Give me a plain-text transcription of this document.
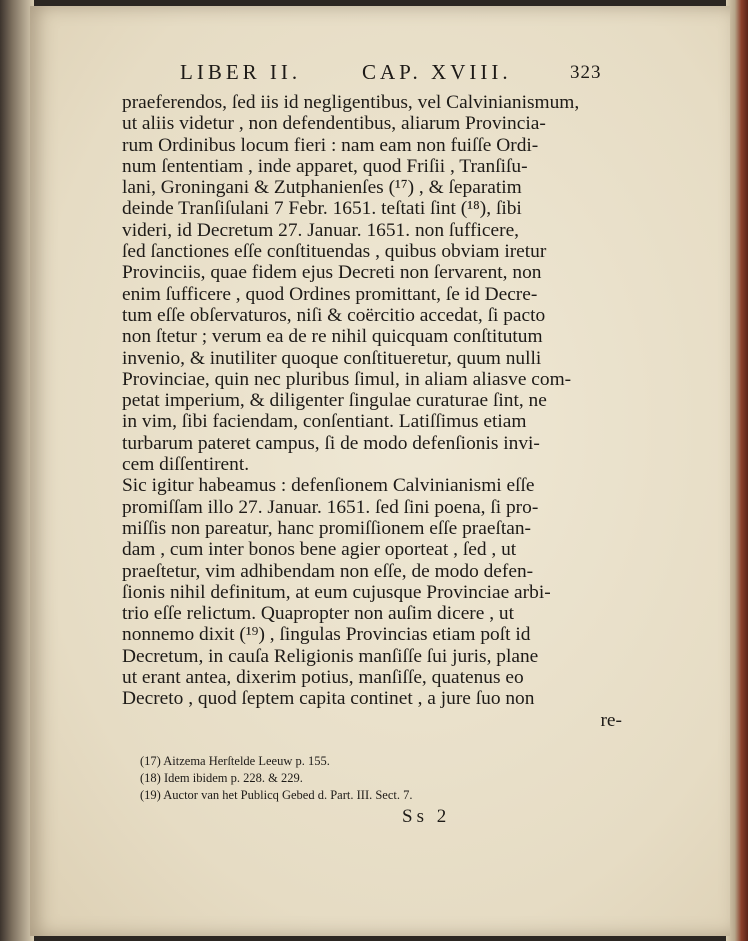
LIBER II.	CAP. XVIII.	323
praeferendos, ſed iis id negligentibus, vel Calvinianismum,
ut aliis videtur , non defendentibus, aliarum Provincia-
rum Ordinibus locum fieri : nam eam non fuiſſe Ordi-
num ſententiam , inde apparet, quod Friſii , Tranſiſu-
lani, Groningani & Zutphanienſes (¹⁷) , & ſeparatim
deinde Tranſiſulani 7 Febr. 1651. teſtati ſint (¹⁸), ſibi
videri, id Decretum 27. Januar. 1651. non ſufficere,
ſed ſanctiones eſſe conſtituendas , quibus obviam iretur
Provinciis, quae fidem ejus Decreti non ſervarent, non
enim ſufficere , quod Ordines promittant, ſe id Decre-
tum eſſe obſervaturos, niſi & coërcitio accedat, ſi pacto
non ſtetur ; verum ea de re nihil quicquam conſtitutum
invenio, & inutiliter quoque conſtitueretur, quum nulli
Provinciae, quin nec pluribus ſimul, in aliam aliasve com-
petat imperium, & diligenter ſingulae curaturae ſint, ne
in vim, ſibi faciendam, conſentiant. Latiſſimus etiam
turbarum pateret campus, ſi de modo defenſionis invi-
cem diſſentirent.
Sic igitur habeamus : defenſionem Calvinianismi eſſe
promiſſam illo 27. Januar. 1651. ſed ſini poena, ſi pro-
miſſis non pareatur, hanc promiſſionem eſſe praeſtan-
dam , cum inter bonos bene agier oporteat , ſed , ut
praeſtetur, vim adhibendam non eſſe, de modo defen-
ſionis nihil definitum, at eum cujusque Provinciae arbi-
trio eſſe relictum. Quapropter non auſim dicere , ut
nonnemo dixit (¹⁹) , ſingulas Provincias etiam poſt id
Decretum, in cauſa Religionis manſiſſe ſui juris, plane
ut erant antea, dixerim potius, manſiſſe, quatenus eo
Decreto , quod ſeptem capita continet , a jure ſuo non
re-
(17) Aitzema Herſtelde Leeuw p. 155.
(18) Idem ibidem p. 228. & 229.
(19) Auctor van het Publicq Gebed d. Part. III. Sect. 7.
Ss 2
